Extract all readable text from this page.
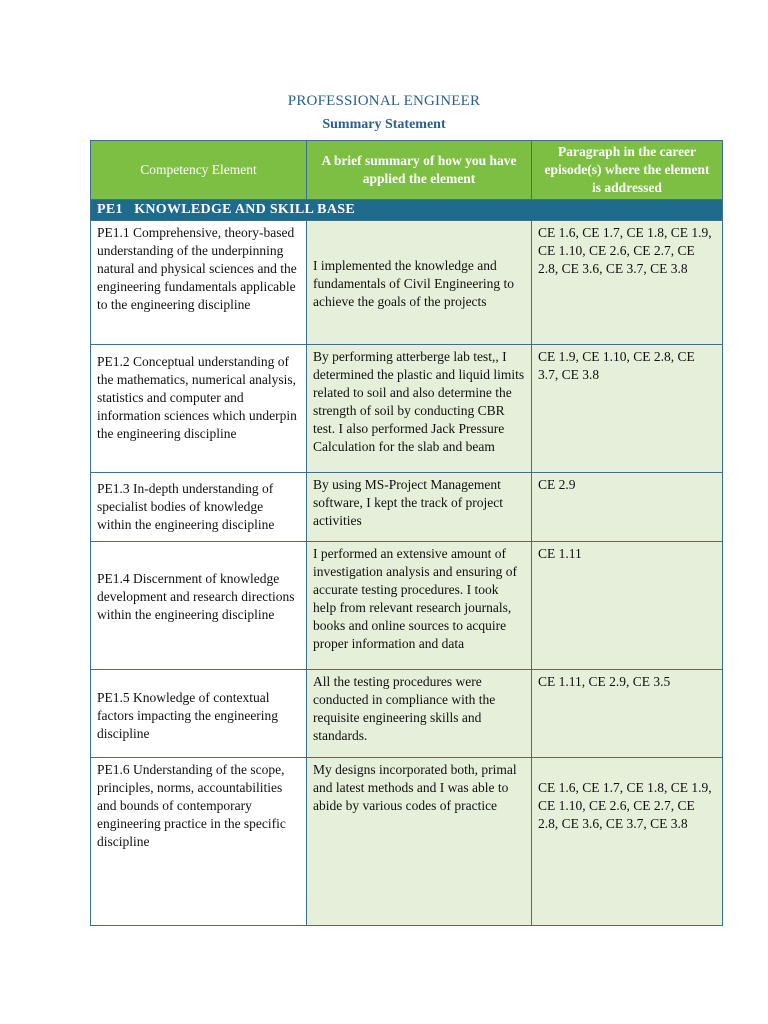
PROFESSIONAL ENGINEER
Summary Statement
Competency Element	A brief summary of how you have applied the element	Paragraph in the career episode(s) where the element is addressed
PE1   KNOWLEDGE AND SKILL BASE		
PE1.1 Comprehensive, theory-based understanding of the underpinning natural and physical sciences and the engineering fundamentals applicable to the engineering discipline	I implemented the knowledge and fundamentals of Civil Engineering to achieve the goals of the projects	CE 1.6, CE 1.7, CE 1.8, CE 1.9, CE 1.10, CE 2.6, CE 2.7, CE 2.8, CE 3.6, CE 3.7, CE 3.8
PE1.2 Conceptual understanding of the mathematics, numerical analysis, statistics and computer and information sciences which underpin the engineering discipline	By performing atterberge lab test,, I determined the plastic and liquid limits related to soil and also determine the strength of soil by conducting CBR test. I also performed Jack Pressure Calculation for the slab and beam	CE 1.9, CE 1.10, CE 2.8, CE 3.7, CE 3.8
PE1.3 In-depth understanding of specialist bodies of knowledge within the engineering discipline	By using MS-Project Management software, I kept the track of project activities	CE 2.9
PE1.4 Discernment of knowledge development and research directions within the engineering discipline	I performed an extensive amount of investigation analysis and ensuring of accurate testing procedures. I took help from relevant research journals, books and online sources to acquire proper information and data	CE 1.11
PE1.5 Knowledge of contextual factors impacting the engineering discipline	All the testing procedures were conducted in compliance with the requisite engineering skills and standards.	CE 1.11, CE 2.9, CE 3.5
PE1.6 Understanding of the scope, principles, norms, accountabilities and bounds of contemporary engineering practice in the specific discipline	My designs incorporated both, primal and latest methods and I was able to abide by various codes of practice	CE 1.6, CE 1.7, CE 1.8, CE 1.9, CE 1.10, CE 2.6, CE 2.7, CE 2.8, CE 3.6, CE 3.7, CE 3.8
